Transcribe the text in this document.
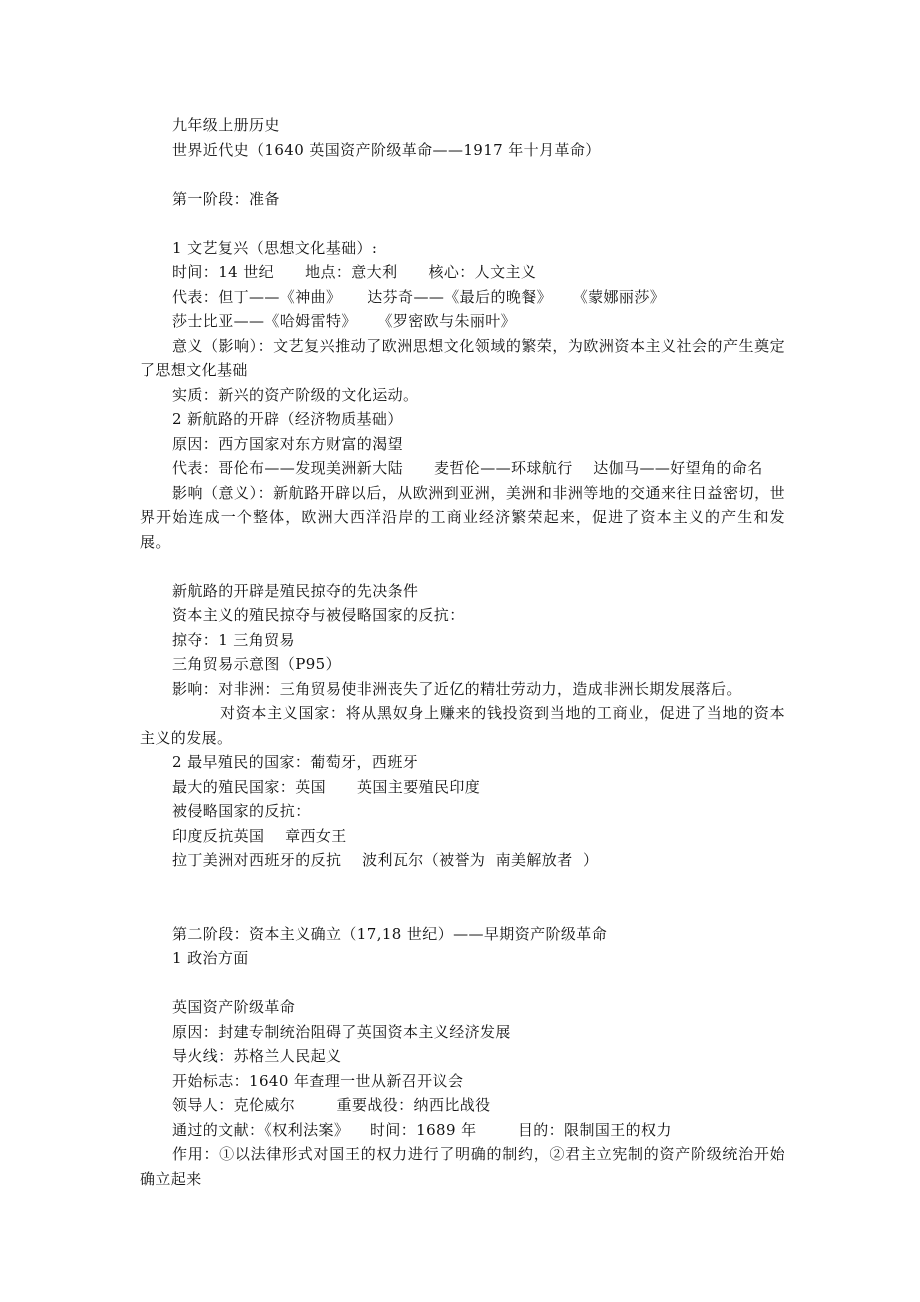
九年级上册历史

世界近代史（1640 英国资产阶级革命——1917 年十月革命）

第一阶段：准备

1 文艺复兴（思想文化基础）:

时间：14 世纪      地点：意大利      核心：人文主义

代表：但丁——《神曲》     达芬奇——《最后的晚餐》    《蒙娜丽莎》

莎士比亚——《哈姆雷特》    《罗密欧与朱丽叶》

意义（影响）：文艺复兴推动了欧洲思想文化领域的繁荣，为欧洲资本主义社会的产生奠定了思想文化基础

实质：新兴的资产阶级的文化运动。

2 新航路的开辟（经济物质基础）

原因：西方国家对东方财富的渴望

代表：哥伦布——发现美洲新大陆      麦哲伦——环球航行    达伽马——好望角的命名

影响（意义）：新航路开辟以后，从欧洲到亚洲，美洲和非洲等地的交通来往日益密切，世界开始连成一个整体，欧洲大西洋沿岸的工商业经济繁荣起来，促进了资本主义的产生和发展。

新航路的开辟是殖民掠夺的先决条件

资本主义的殖民掠夺与被侵略国家的反抗：

掠夺：1 三角贸易

三角贸易示意图（P95）

影响：对非洲：三角贸易使非洲丧失了近亿的精壮劳动力，造成非洲长期发展落后。

对资本主义国家：将从黑奴身上赚来的钱投资到当地的工商业，促进了当地的资本主义的发展。

2 最早殖民的国家：葡萄牙，西班牙

最大的殖民国家：英国      英国主要殖民印度

被侵略国家的反抗：

印度反抗英国    章西女王

拉丁美洲对西班牙的反抗    波利瓦尔（被誉为  南美解放者  ）

第二阶段：资本主义确立（17,18 世纪）——早期资产阶级革命

1 政治方面

英国资产阶级革命

原因：封建专制统治阻碍了英国资本主义经济发展

导火线：苏格兰人民起义

开始标志：1640 年查理一世从新召开议会

领导人：克伦威尔        重要战役：纳西比战役

通过的文献：《权利法案》    时间：1689 年        目的：限制国王的权力

作用：①以法律形式对国王的权力进行了明确的制约，②君主立宪制的资产阶级统治开始确立起来
